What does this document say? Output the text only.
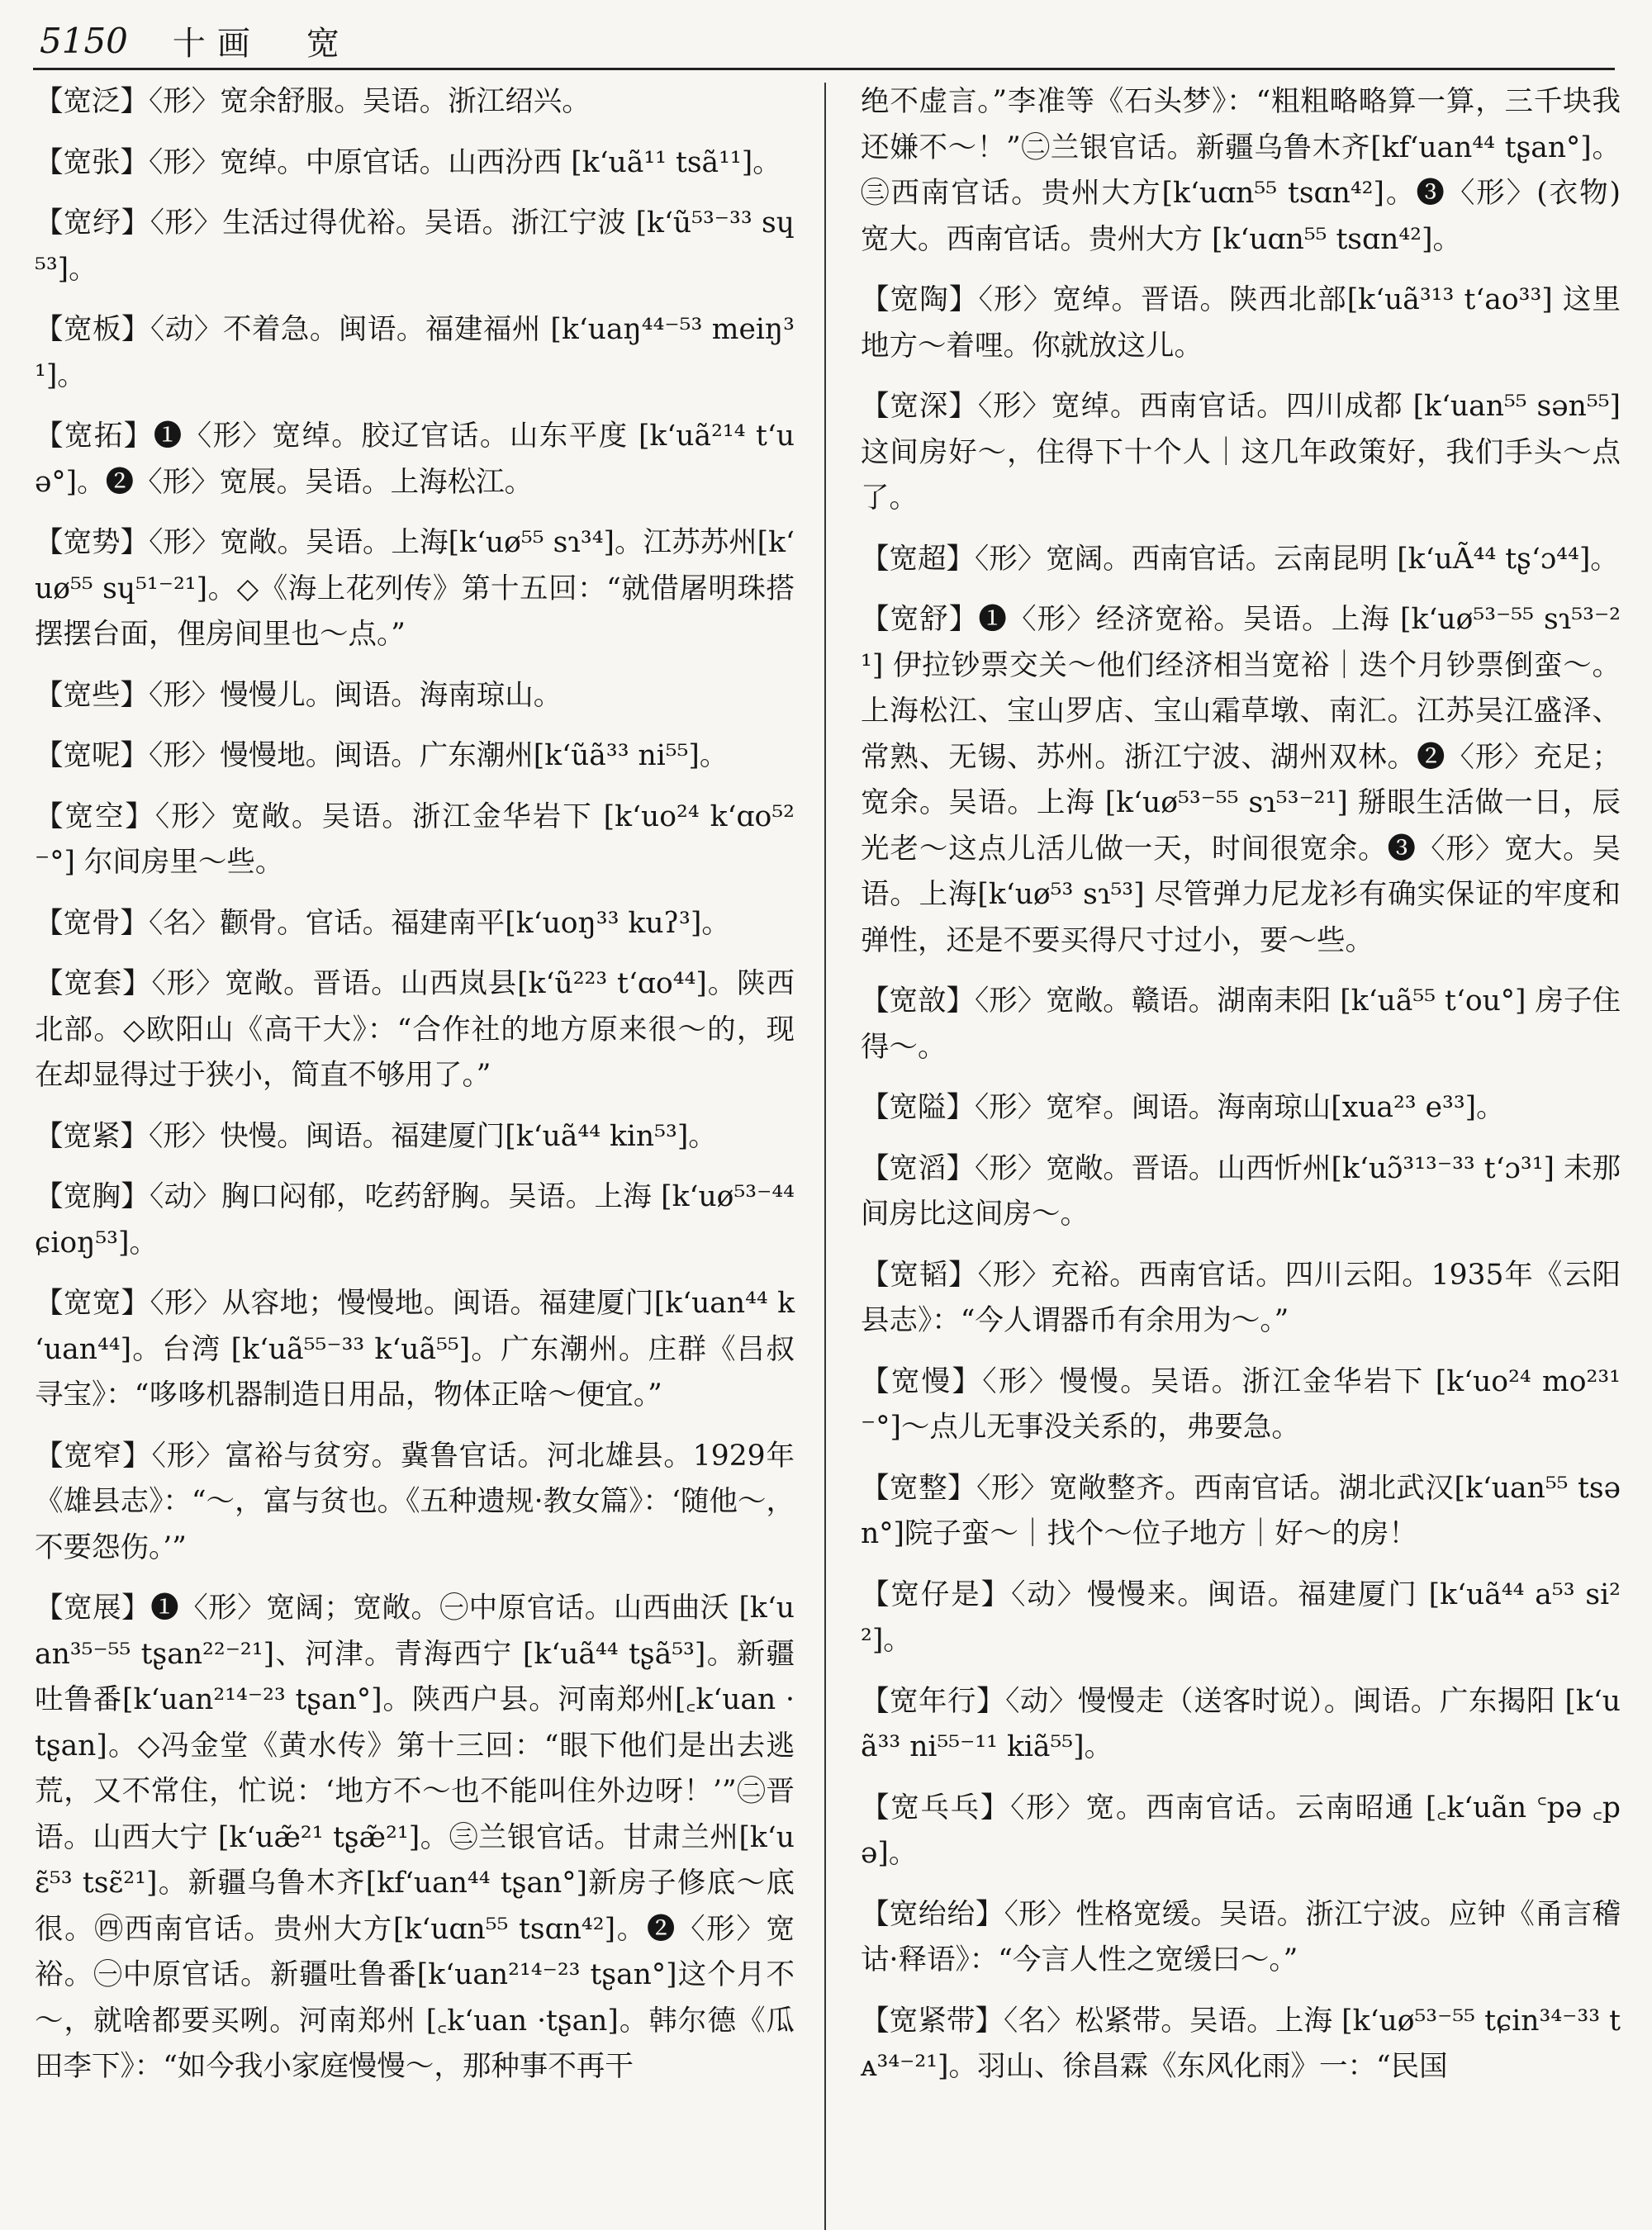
5150 十画　宽

【宽泛】〈形〉宽余舒服。吴语。浙江绍兴。

【宽张】〈形〉宽绰。中原官话。山西汾西 [kʻuã¹¹ tsã¹¹]。

【宽纾】〈形〉生活过得优裕。吴语。浙江宁波 [kʻũ⁵³⁻³³ sɥ⁵³]。

【宽板】〈动〉不着急。闽语。福建福州 [kʻuaŋ⁴⁴⁻⁵³ meiŋ³¹]。

【宽拓】❶〈形〉宽绰。胶辽官话。山东平度 [kʻuã²¹⁴ tʻuə°]。❷〈形〉宽展。吴语。上海松江。

【宽势】〈形〉宽敞。吴语。上海[kʻuø⁵⁵ sɿ³⁴]。江苏苏州[kʻuø⁵⁵ sɥ⁵¹⁻²¹]。◇《海上花列传》第十五回：“就借屠明珠搭摆摆台面，俚房间里也～点。”

【宽些】〈形〉慢慢儿。闽语。海南琼山。

【宽呢】〈形〉慢慢地。闽语。广东潮州[kʻũã³³ ni⁵⁵]。

【宽空】〈形〉宽敞。吴语。浙江金华岩下 [kʻuo²⁴ kʻɑo⁵²⁻°] 尔间房里～些。

【宽骨】〈名〉颧骨。官话。福建南平[kʻuoŋ³³ kuʔ³]。

【宽套】〈形〉宽敞。晋语。山西岚县[kʻũ²²³ tʻɑo⁴⁴]。陕西北部。◇欧阳山《高干大》：“合作社的地方原来很～的，现在却显得过于狭小，简直不够用了。”

【宽紧】〈形〉快慢。闽语。福建厦门[kʻuã⁴⁴ kin⁵³]。

【宽胸】〈动〉胸口闷郁，吃药舒胸。吴语。上海 [kʻuø⁵³⁻⁴⁴ ɕioŋ⁵³]。

【宽宽】〈形〉从容地；慢慢地。闽语。福建厦门[kʻuan⁴⁴ kʻuan⁴⁴]。台湾 [kʻuã⁵⁵⁻³³ kʻuã⁵⁵]。广东潮州。庄群《吕叔寻宝》：“哆哆机器制造日用品，物体正啥～便宜。”

【宽窄】〈形〉富裕与贫穷。冀鲁官话。河北雄县。1929年《雄县志》：“～，富与贫也。《五种遗规·教女篇》：‘随他～，不要怨伤。’”

【宽展】❶〈形〉宽阔；宽敞。㊀中原官话。山西曲沃 [kʻuan³⁵⁻⁵⁵ tʂan²²⁻²¹]、河津。青海西宁 [kʻuã⁴⁴ tʂã⁵³]。新疆吐鲁番[kʻuan²¹⁴⁻²³ tʂan°]。陕西户县。河南郑州[꜀kʻuan ·tʂan]。◇冯金堂《黄水传》第十三回：“眼下他们是出去逃荒，又不常住，忙说：‘地方不～也不能叫住外边呀！’”㊁晋语。山西大宁 [kʻuæ̃²¹ tʂæ̃²¹]。㊂兰银官话。甘肃兰州[kʻuɛ̃⁵³ tsɛ̃²¹]。新疆乌鲁木齐[kfʻuan⁴⁴ tʂan°]新房子修底～底很。㊃西南官话。贵州大方[kʻuɑn⁵⁵ tsɑn⁴²]。❷〈形〉宽裕。㊀中原官话。新疆吐鲁番[kʻuan²¹⁴⁻²³ tʂan°]这个月不～，就啥都要买咧。河南郑州 [꜀kʻuan ·tʂan]。韩尔德《瓜田李下》：“如今我小家庭慢慢～，那种事不再干

绝不虚言。”李准等《石头梦》：“粗粗略略算一算，三千块我还嫌不～！”㊁兰银官话。新疆乌鲁木齐[kfʻuan⁴⁴ tʂan°]。㊂西南官话。贵州大方[kʻuɑn⁵⁵ tsɑn⁴²]。❸〈形〉(衣物) 宽大。西南官话。贵州大方 [kʻuɑn⁵⁵ tsɑn⁴²]。

【宽陶】〈形〉宽绰。晋语。陕西北部[kʻuã³¹³ tʻao³³] 这里地方～着哩。你就放这儿。

【宽深】〈形〉宽绰。西南官话。四川成都 [kʻuan⁵⁵ sən⁵⁵]这间房好～，住得下十个人｜这几年政策好，我们手头～点了。

【宽超】〈形〉宽阔。西南官话。云南昆明 [kʻuÃ⁴⁴ tʂʻɔ⁴⁴]。

【宽舒】❶〈形〉经济宽裕。吴语。上海 [kʻuø⁵³⁻⁵⁵ sɿ⁵³⁻²¹] 伊拉钞票交关～他们经济相当宽裕｜迭个月钞票倒蛮～。上海松江、宝山罗店、宝山霜草墩、南汇。江苏吴江盛泽、常熟、无锡、苏州。浙江宁波、湖州双林。❷〈形〉充足；宽余。吴语。上海 [kʻuø⁵³⁻⁵⁵ sɿ⁵³⁻²¹] 掰眼生活做一日，辰光老～这点儿活儿做一天，时间很宽余。❸〈形〉宽大。吴语。上海[kʻuø⁵³ sɿ⁵³] 尽管弹力尼龙衫有确实保证的牢度和弹性，还是不要买得尺寸过小，要～些。

【宽敨】〈形〉宽敞。赣语。湖南耒阳 [kʻuã⁵⁵ tʻou°] 房子住得～。

【宽隘】〈形〉宽窄。闽语。海南琼山[xua²³ e³³]。

【宽滔】〈形〉宽敞。晋语。山西忻州[kʻuɔ̃³¹³⁻³³ tʻɔ³¹] 未那间房比这间房～。

【宽韬】〈形〉充裕。西南官话。四川云阳。1935年《云阳县志》：“今人谓器币有余用为～。”

【宽慢】〈形〉慢慢。吴语。浙江金华岩下 [kʻuo²⁴ mo²³¹⁻°]～点儿无事没关系的，弗要急。

【宽整】〈形〉宽敞整齐。西南官话。湖北武汉[kʻuan⁵⁵ tsən°]院子蛮～｜找个～位子地方｜好～的房！

【宽仔是】〈动〉慢慢来。闽语。福建厦门 [kʻuã⁴⁴ a⁵³ si²²]。

【宽年行】〈动〉慢慢走（送客时说）。闽语。广东揭阳 [kʻuã³³ ni⁵⁵⁻¹¹ kiã⁵⁵]。

【宽乓乓】〈形〉宽。西南官话。云南昭通 [꜀kʻuãn ꜂pə ꜀pə]。

【宽绐绐】〈形〉性格宽缓。吴语。浙江宁波。应钟《甬言稽诂·释语》：“今言人性之宽缓曰～。”

【宽紧带】〈名〉松紧带。吴语。上海 [kʻuø⁵³⁻⁵⁵ tɕin³⁴⁻³³ tᴀ³⁴⁻²¹]。羽山、徐昌霖《东风化雨》一：“民国
